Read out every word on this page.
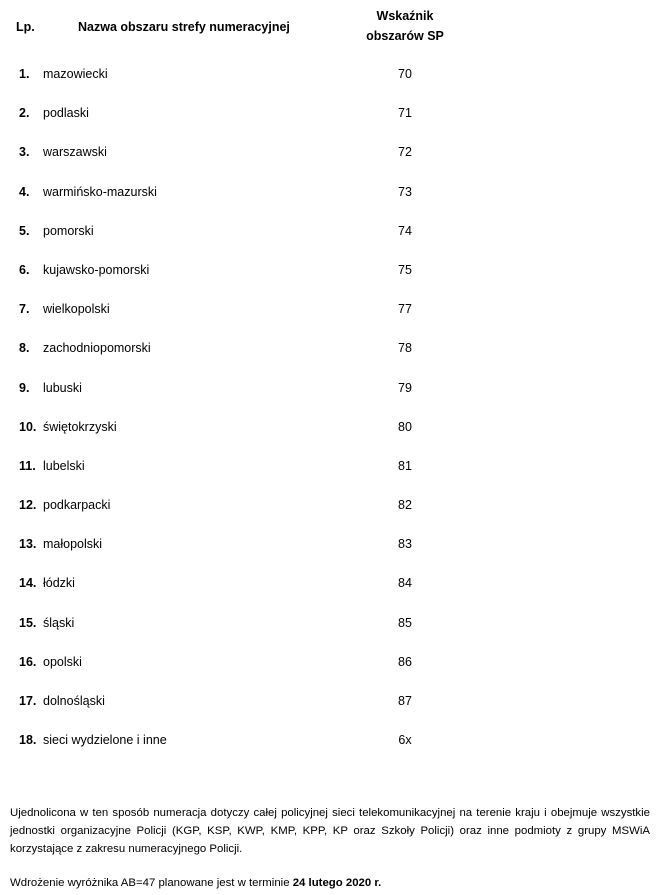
Lp.	Nazwa obszaru strefy numeracyjnej
Wskaźnik
obszarów SP
1. mazowiecki	70
2. podlaski	71
3. warszawski	72
4. warmińsko-mazurski	73
5. pomorski	74
6. kujawsko-pomorski	75
7. wielkopolski	77
8. zachodniopomorski	78
9. lubuski	79
10. świętokrzyski	80
11. lubelski	81
12. podkarpacki	82
13. małopolski	83
14. łódzki	84
15. śląski	85
16. opolski	86
17. dolnośląski	87
18. sieci wydzielone i inne	6x
Ujednolicona w ten sposób numeracja dotyczy całej policyjnej sieci telekomunikacyjnej na terenie kraju i obejmuje wszystkie jednostki organizacyjne Policji (KGP, KSP, KWP, KMP, KPP, KP oraz Szkoły Policji) oraz inne podmioty z grupy MSWiA korzystające z zakresu numeracyjnego Policji.
Wdrożenie wyróżnika AB=47 planowane jest w terminie 24 lutego 2020 r.
